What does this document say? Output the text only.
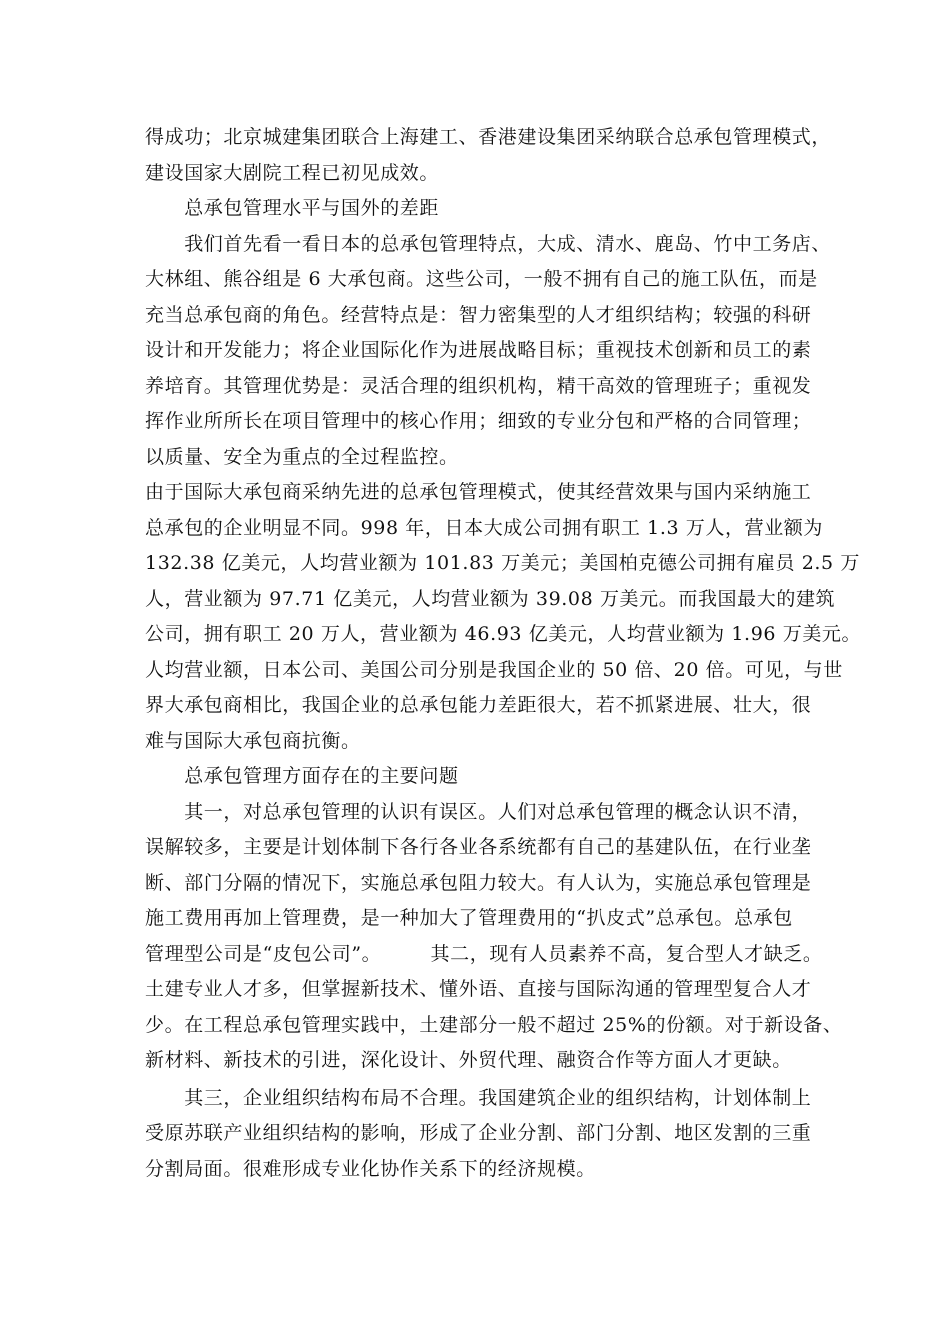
得成功；北京城建集团联合上海建工、香港建设集团采纳联合总承包管理模式，
建设国家大剧院工程已初见成效。
　　总承包管理水平与国外的差距
　　我们首先看一看日本的总承包管理特点，大成、清水、鹿岛、竹中工务店、
大林组、熊谷组是 6 大承包商。这些公司，一般不拥有自己的施工队伍，而是
充当总承包商的角色。经营特点是：智力密集型的人才组织结构；较强的科研
设计和开发能力；将企业国际化作为进展战略目标；重视技术创新和员工的素
养培育。其管理优势是：灵活合理的组织机构，精干高效的管理班子；重视发
挥作业所所长在项目管理中的核心作用；细致的专业分包和严格的合同管理；
以质量、安全为重点的全过程监控。
由于国际大承包商采纳先进的总承包管理模式，使其经营效果与国内采纳施工
总承包的企业明显不同。998 年，日本大成公司拥有职工 1.3 万人，营业额为
132.38 亿美元，人均营业额为 101.83 万美元；美国柏克德公司拥有雇员 2.5 万
人，营业额为 97.71 亿美元，人均营业额为 39.08 万美元。而我国最大的建筑
公司，拥有职工 20 万人，营业额为 46.93 亿美元，人均营业额为 1.96 万美元。
人均营业额，日本公司、美国公司分别是我国企业的 50 倍、20 倍。可见，与世
界大承包商相比，我国企业的总承包能力差距很大，若不抓紧进展、壮大，很
难与国际大承包商抗衡。
　　总承包管理方面存在的主要问题
　　其一，对总承包管理的认识有误区。人们对总承包管理的概念认识不清，
误解较多，主要是计划体制下各行各业各系统都有自己的基建队伍，在行业垄
断、部门分隔的情况下，实施总承包阻力较大。有人认为，实施总承包管理是
施工费用再加上管理费，是一种加大了管理费用的“扒皮式”总承包。总承包
管理型公司是“皮包公司”。　　　其二，现有人员素养不高，复合型人才缺乏。
土建专业人才多，但掌握新技术、懂外语、直接与国际沟通的管理型复合人才
少。在工程总承包管理实践中，土建部分一般不超过 25%的份额。对于新设备、
新材料、新技术的引进，深化设计、外贸代理、融资合作等方面人才更缺。
　　其三，企业组织结构布局不合理。我国建筑企业的组织结构，计划体制上
受原苏联产业组织结构的影响，形成了企业分割、部门分割、地区发割的三重
分割局面。很难形成专业化协作关系下的经济规模。
